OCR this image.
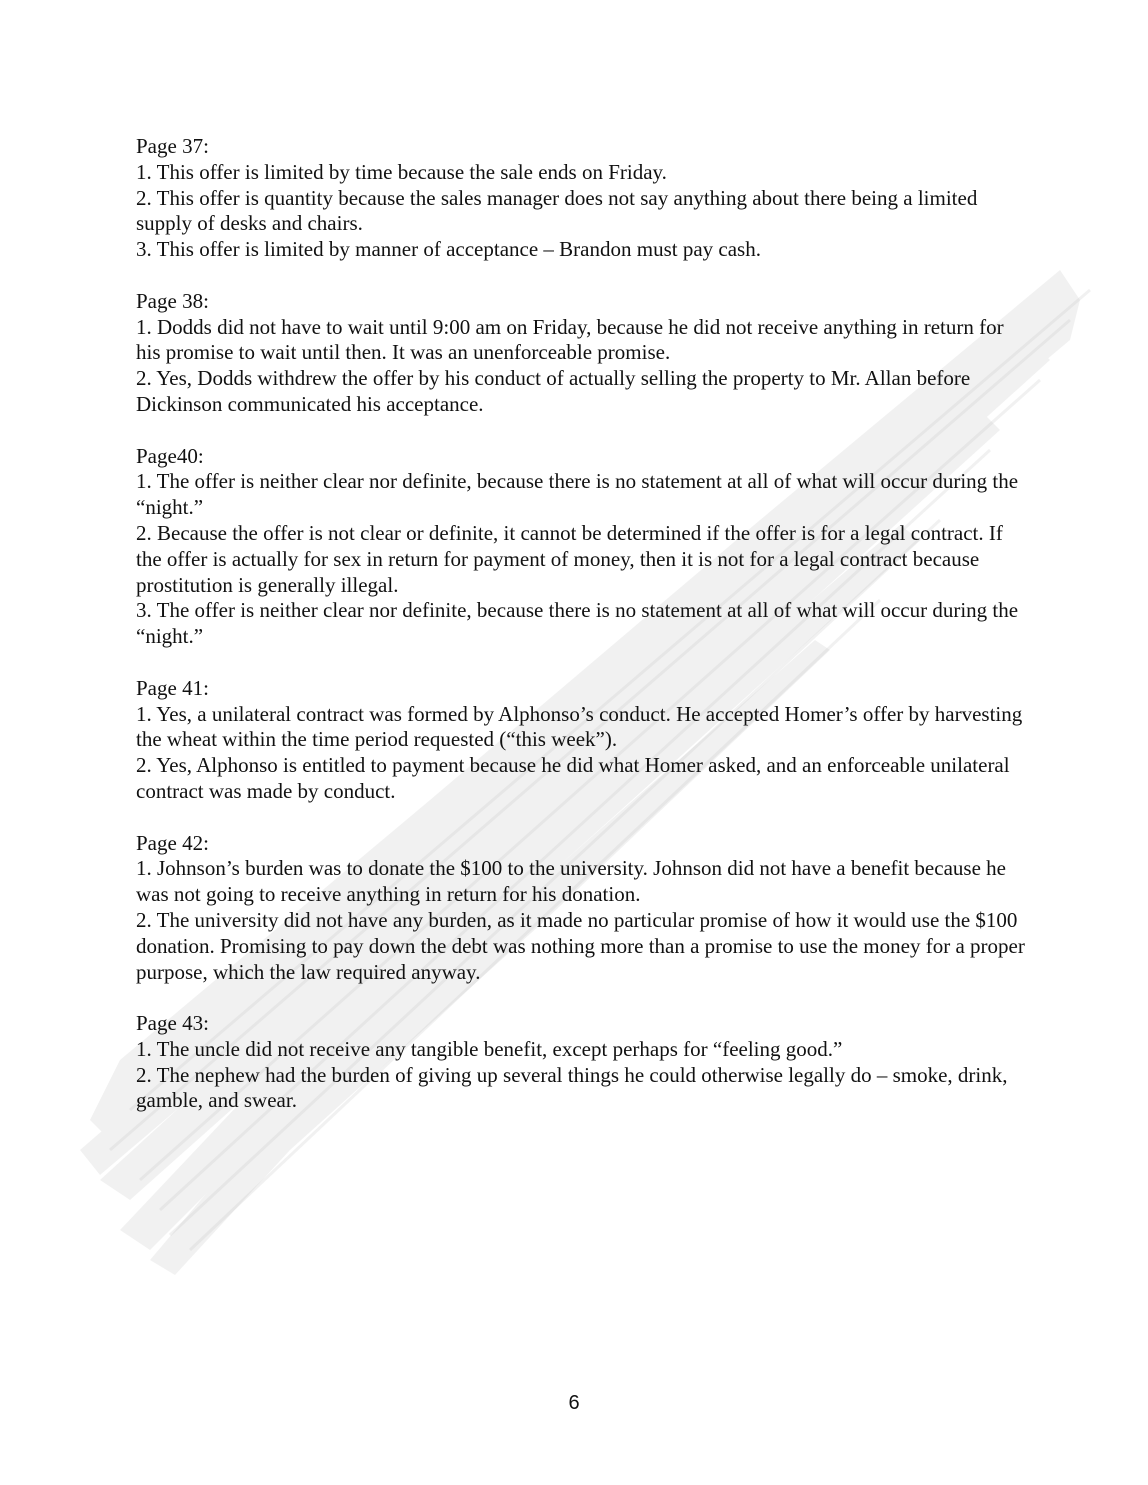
Page 37:
1. This offer is limited by time because the sale ends on Friday.
2. This offer is quantity because the sales manager does not say anything about there being a limited supply of desks and chairs.
3. This offer is limited by manner of acceptance – Brandon must pay cash.
Page 38:
1. Dodds did not have to wait until 9:00 am on Friday, because he did not receive anything in return for his promise to wait until then. It was an unenforceable promise.
2. Yes, Dodds withdrew the offer by his conduct of actually selling the property to Mr. Allan before Dickinson communicated his acceptance.
Page40:
1. The offer is neither clear nor definite, because there is no statement at all of what will occur during the “night.”
2. Because the offer is not clear or definite, it cannot be determined if the offer is for a legal contract. If the offer is actually for sex in return for payment of money, then it is not for a legal contract because prostitution is generally illegal.
3. The offer is neither clear nor definite, because there is no statement at all of what will occur during the “night.”
Page 41:
1. Yes, a unilateral contract was formed by Alphonso’s conduct. He accepted Homer’s offer by harvesting the wheat within the time period requested (“this week”).
2. Yes, Alphonso is entitled to payment because he did what Homer asked, and an enforceable unilateral contract was made by conduct.
Page 42:
1. Johnson’s burden was to donate the $100 to the university. Johnson did not have a benefit because he was not going to receive anything in return for his donation.
2. The university did not have any burden, as it made no particular promise of how it would use the $100 donation. Promising to pay down the debt was nothing more than a promise to use the money for a proper purpose, which the law required anyway.
Page 43:
1. The uncle did not receive any tangible benefit, except perhaps for “feeling good.”
2. The nephew had the burden of giving up several things he could otherwise legally do – smoke, drink, gamble, and swear.
6
